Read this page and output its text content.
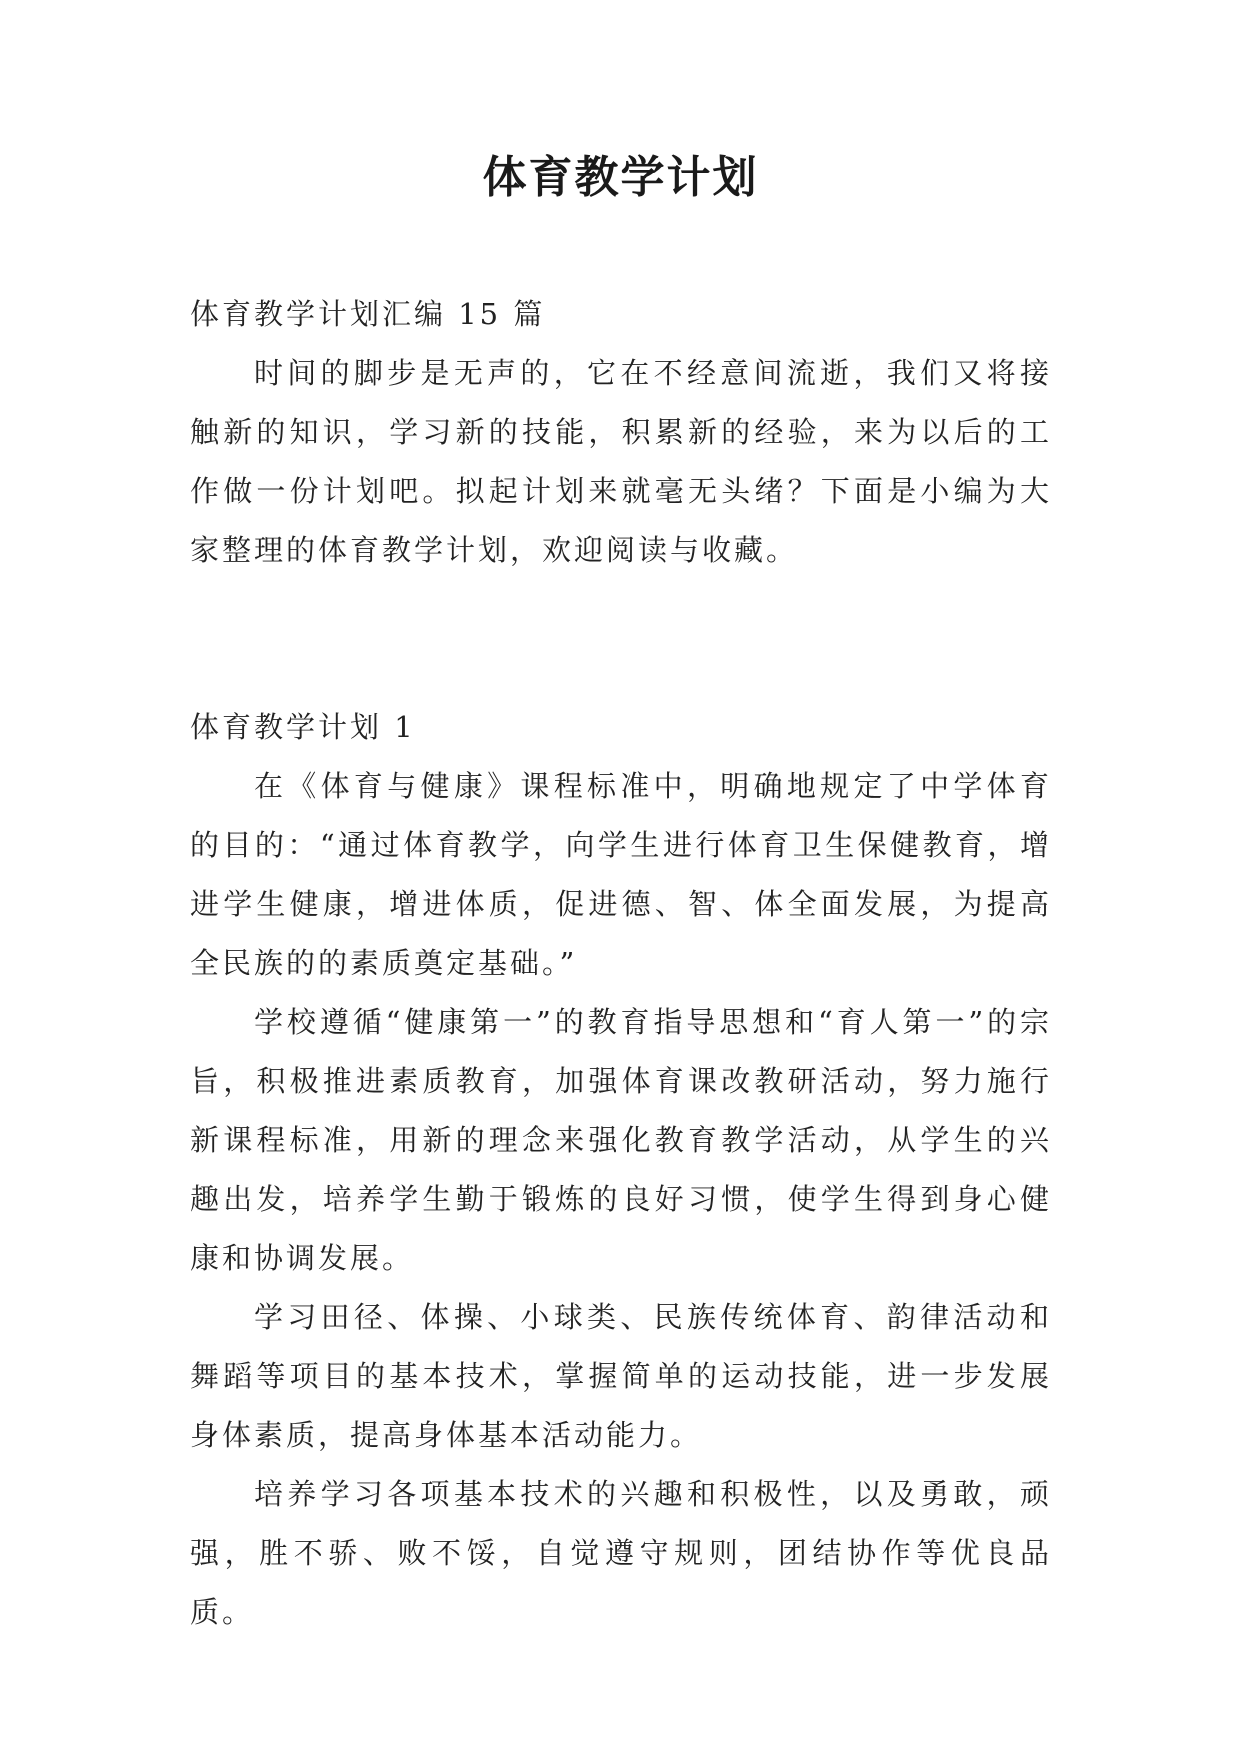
体育教学计划

体育教学计划汇编 15 篇

时间的脚步是无声的，它在不经意间流逝，我们又将接触新的知识，学习新的技能，积累新的经验，来为以后的工作做一份计划吧。拟起计划来就毫无头绪？下面是小编为大家整理的体育教学计划，欢迎阅读与收藏。

体育教学计划 1

在《体育与健康》课程标准中，明确地规定了中学体育的目的：“通过体育教学，向学生进行体育卫生保健教育，增进学生健康，增进体质，促进德、智、体全面发展，为提高全民族的的素质奠定基础。”

学校遵循“健康第一”的教育指导思想和“育人第一”的宗旨，积极推进素质教育，加强体育课改教研活动，努力施行新课程标准，用新的理念来强化教育教学活动，从学生的兴趣出发，培养学生勤于锻炼的良好习惯，使学生得到身心健康和协调发展。

学习田径、体操、小球类、民族传统体育、韵律活动和舞蹈等项目的基本技术，掌握简单的运动技能，进一步发展身体素质，提高身体基本活动能力。

培养学习各项基本技术的兴趣和积极性，以及勇敢，顽强，胜不骄、败不馁，自觉遵守规则，团结协作等优良品质。
